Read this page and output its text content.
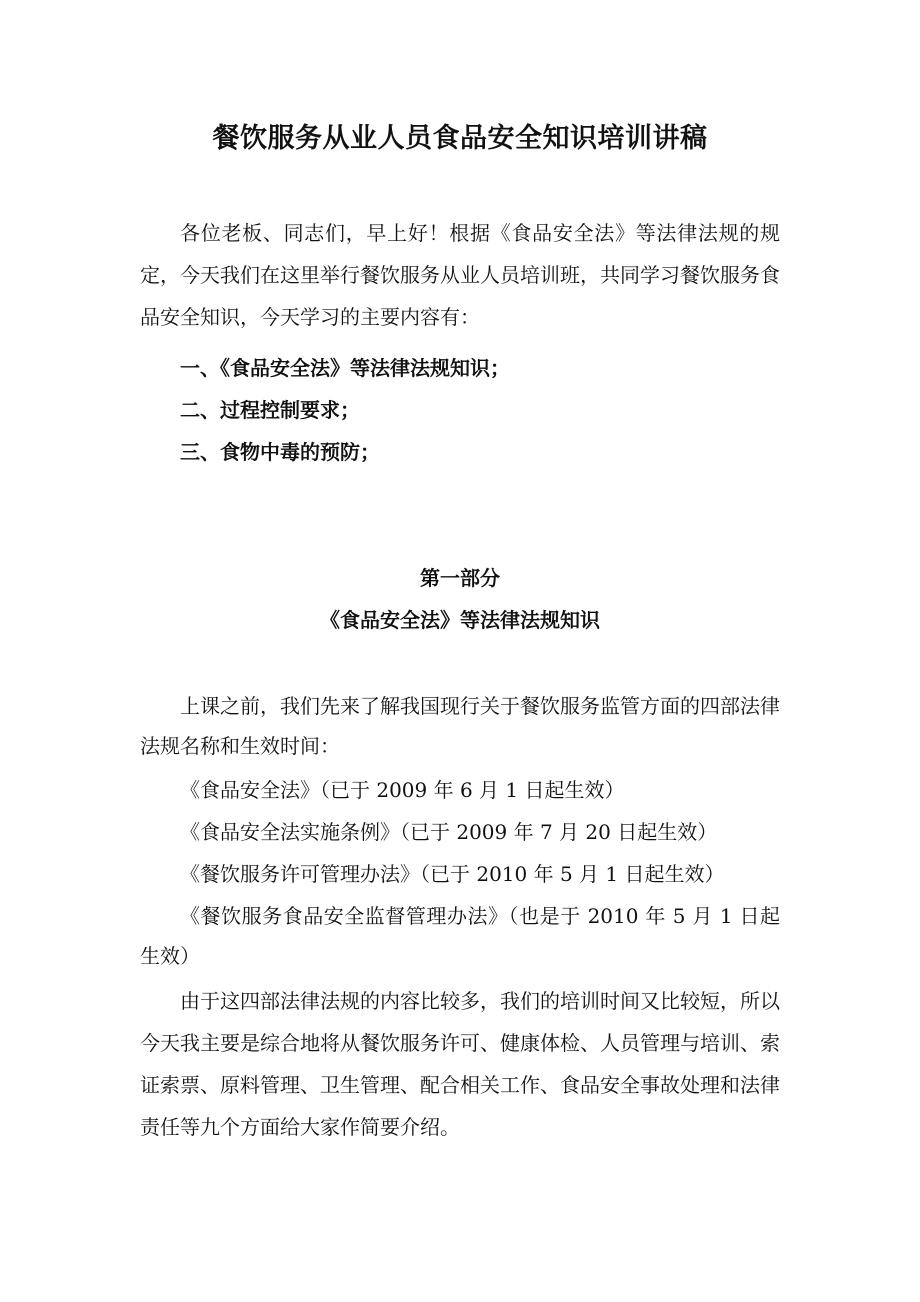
餐饮服务从业人员食品安全知识培训讲稿

各位老板、同志们，早上好！根据《食品安全法》等法律法规的规定，今天我们在这里举行餐饮服务从业人员培训班，共同学习餐饮服务食品安全知识，今天学习的主要内容有：

一、《食品安全法》等法律法规知识；
二、过程控制要求；
三、食物中毒的预防；
第一部分
《食品安全法》等法律法规知识

上课之前，我们先来了解我国现行关于餐饮服务监管方面的四部法律法规名称和生效时间：

《食品安全法》（已于 2009 年 6 月 1 日起生效）
《食品安全法实施条例》（已于 2009 年 7 月 20 日起生效）
《餐饮服务许可管理办法》（已于 2010 年 5 月 1 日起生效）

《餐饮服务食品安全监督管理办法》（也是于 2010 年 5 月 1 日起生效）

由于这四部法律法规的内容比较多，我们的培训时间又比较短，所以今天我主要是综合地将从餐饮服务许可、健康体检、人员管理与培训、索证索票、原料管理、卫生管理、配合相关工作、食品安全事故处理和法律责任等九个方面给大家作简要介绍。
